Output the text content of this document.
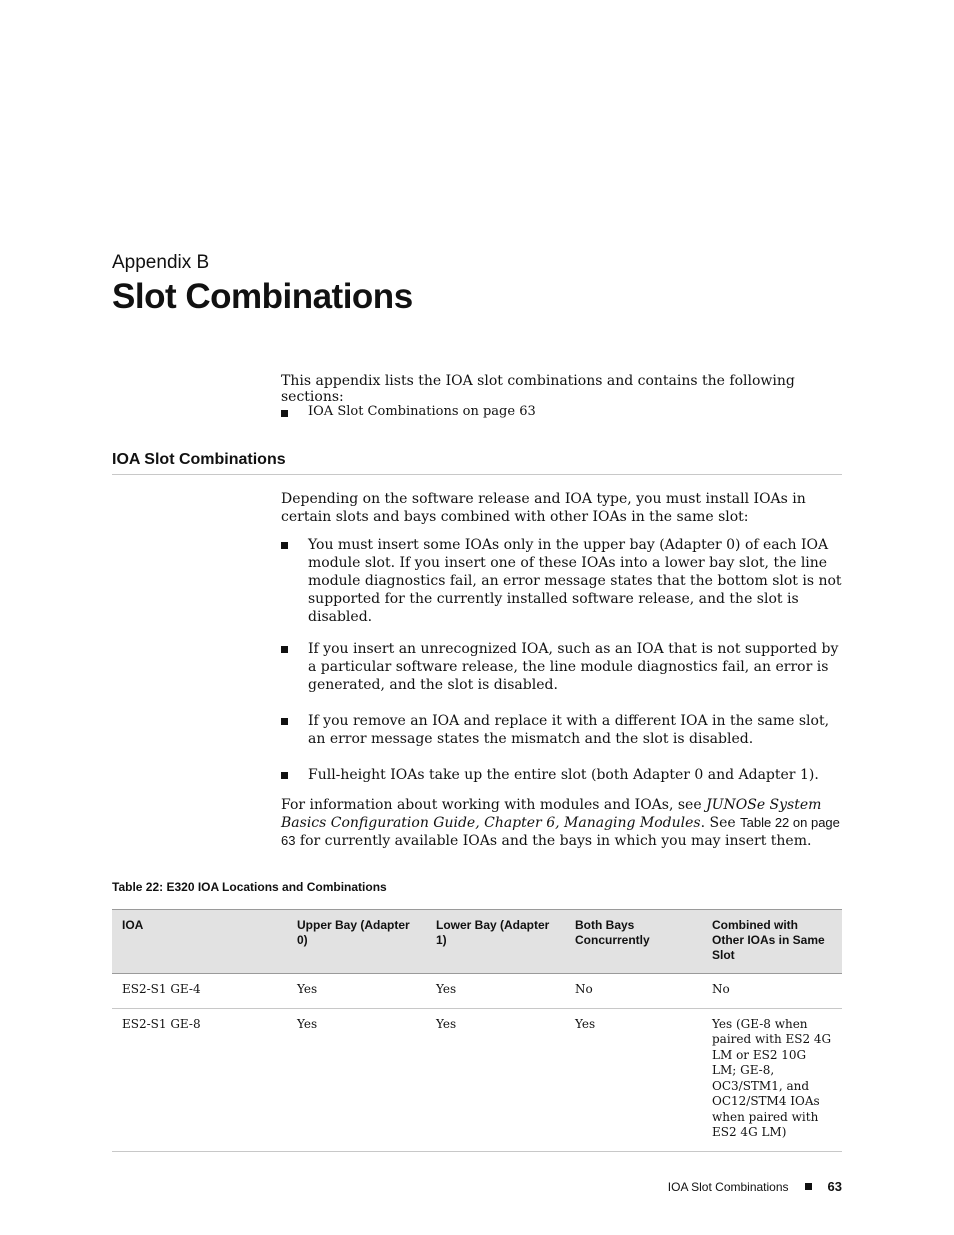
Appendix B
Slot Combinations

This appendix lists the IOA slot combinations and contains the following sections:

IOA Slot Combinations on page 63
IOA Slot Combinations

Depending on the software release and IOA type, you must install IOAs in certain slots and bays combined with other IOAs in the same slot:

You must insert some IOAs only in the upper bay (Adapter 0) of each IOA module slot. If you insert one of these IOAs into a lower bay slot, the line module diagnostics fail, an error message states that the bottom slot is not supported for the currently installed software release, and the slot is disabled.
If you insert an unrecognized IOA, such as an IOA that is not supported by a particular software release, the line module diagnostics fail, an error is generated, and the slot is disabled.
If you remove an IOA and replace it with a different IOA in the same slot, an error message states the mismatch and the slot is disabled.
Full-height IOAs take up the entire slot (both Adapter 0 and Adapter 1).

For information about working with modules and IOAs, see JUNOSe System Basics Configuration Guide, Chapter 6, Managing Modules. See Table 22 on page 63 for currently available IOAs and the bays in which you may insert them.

Table 22: E320 IOA Locations and Combinations

IOA	Upper Bay (Adapter 0)	Lower Bay (Adapter 1)	Both Bays Concurrently	Combined with Other IOAs in Same Slot
ES2-S1 GE-4	Yes	Yes	No	No
ES2-S1 GE-8	Yes	Yes	Yes	Yes (GE-8 when paired with ES2 4G LM or ES2 10G LM; GE-8, OC3/STM1, and OC12/STM4 IOAs when paired with ES2 4G LM)
IOA Slot Combinations	63
